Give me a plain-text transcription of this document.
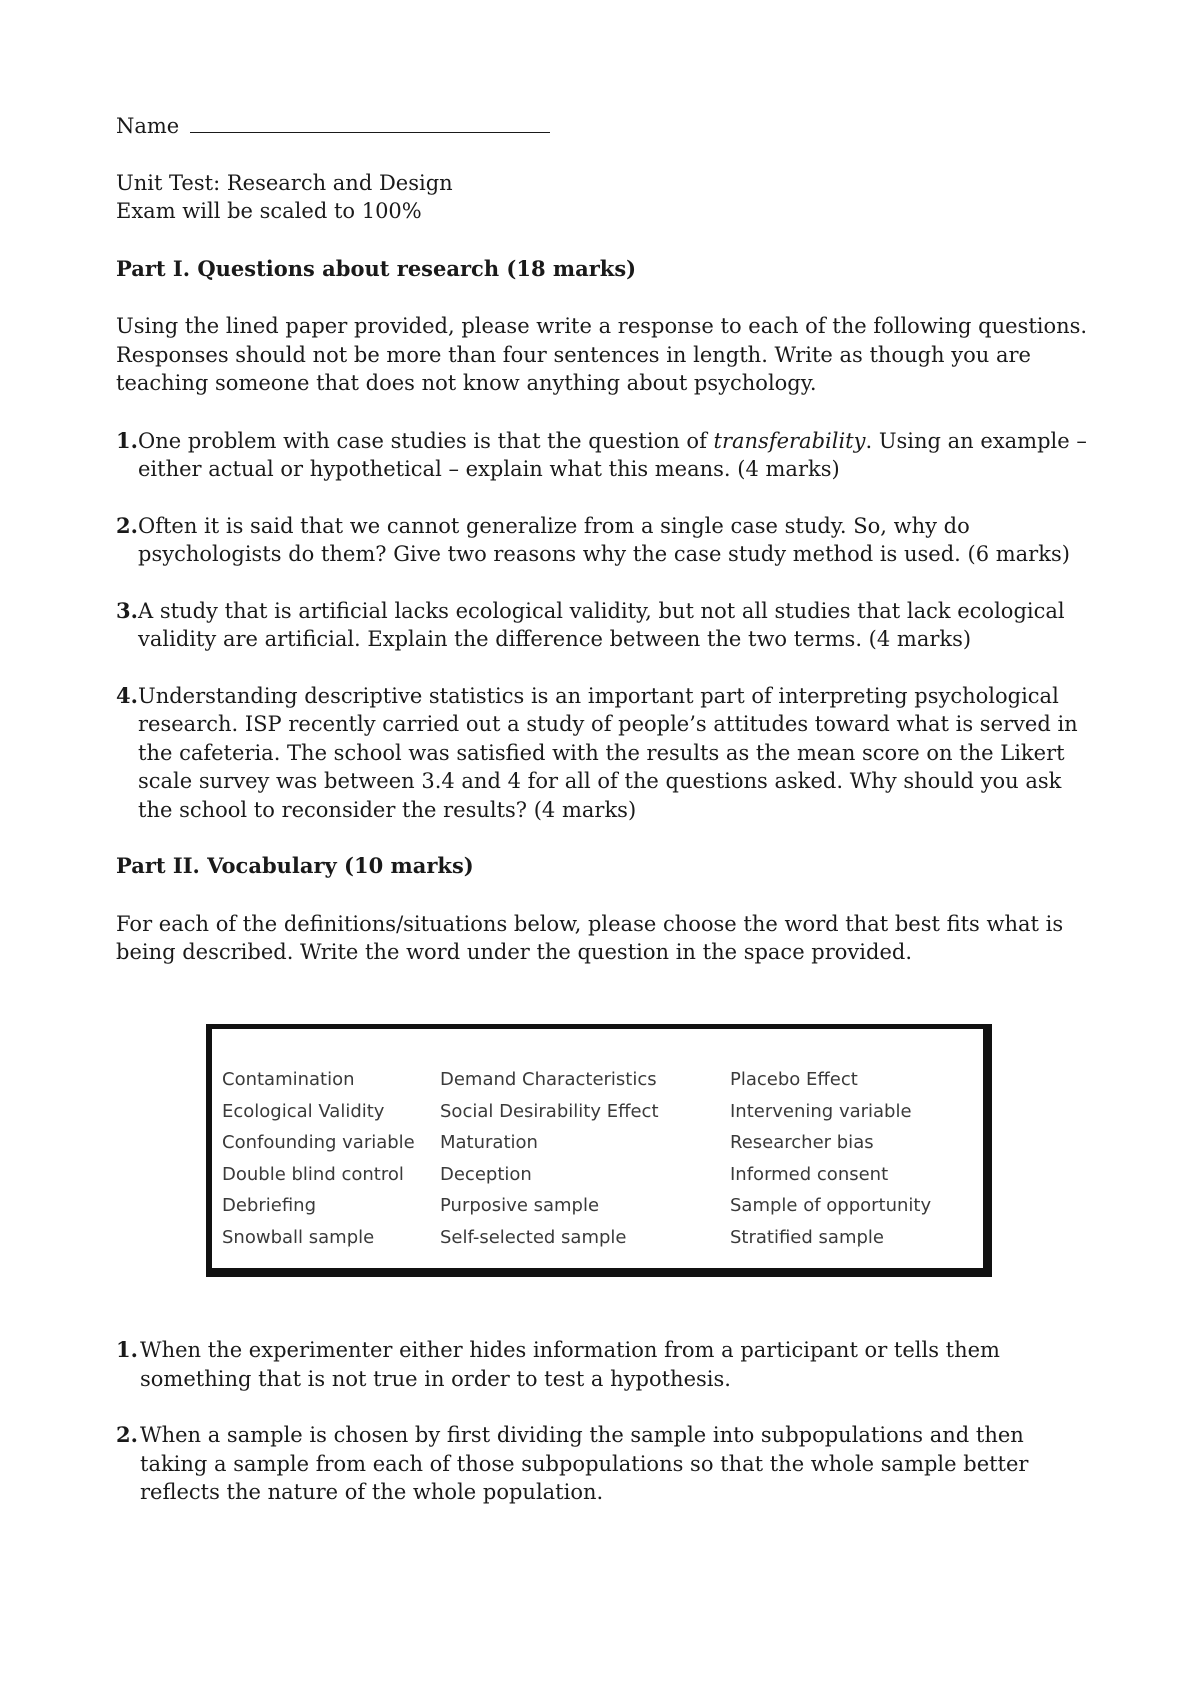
Name

Unit Test: Research and Design

Exam will be scaled to 100%

Part I. Questions about research (18 marks)

Using the lined paper provided, please write a response to each of the following questions. Responses should not be more than four sentences in length. Write as though you are teaching someone that does not know anything about psychology.

1. One problem with case studies is that the question of transferability. Using an example – either actual or hypothetical – explain what this means. (4 marks)
2. Often it is said that we cannot generalize from a single case study. So, why do psychologists do them? Give two reasons why the case study method is used. (6 marks)
3. A study that is artificial lacks ecological validity, but not all studies that lack ecological validity are artificial. Explain the difference between the two terms. (4 marks)
4. Understanding descriptive statistics is an important part of interpreting psychological research. ISP recently carried out a study of people’s attitudes toward what is served in the cafeteria. The school was satisfied with the results as the mean score on the Likert scale survey was between 3.4 and 4 for all of the questions asked. Why should you ask the school to reconsider the results? (4 marks)

Part II. Vocabulary (10 marks)

For each of the definitions/situations below, please choose the word that best fits what is being described. Write the word under the question in the space provided.

Contamination	Demand Characteristics	Placebo Effect
Ecological Validity	Social Desirability Effect	Intervening variable
Confounding variable	Maturation	Researcher bias
Double blind control	Deception	Informed consent
Debriefing	Purposive sample	Sample of opportunity
Snowball sample	Self-selected sample	Stratified sample
1. When the experimenter either hides information from a participant or tells them something that is not true in order to test a hypothesis.
2. When a sample is chosen by first dividing the sample into subpopulations and then taking a sample from each of those subpopulations so that the whole sample better reflects the nature of the whole population.
